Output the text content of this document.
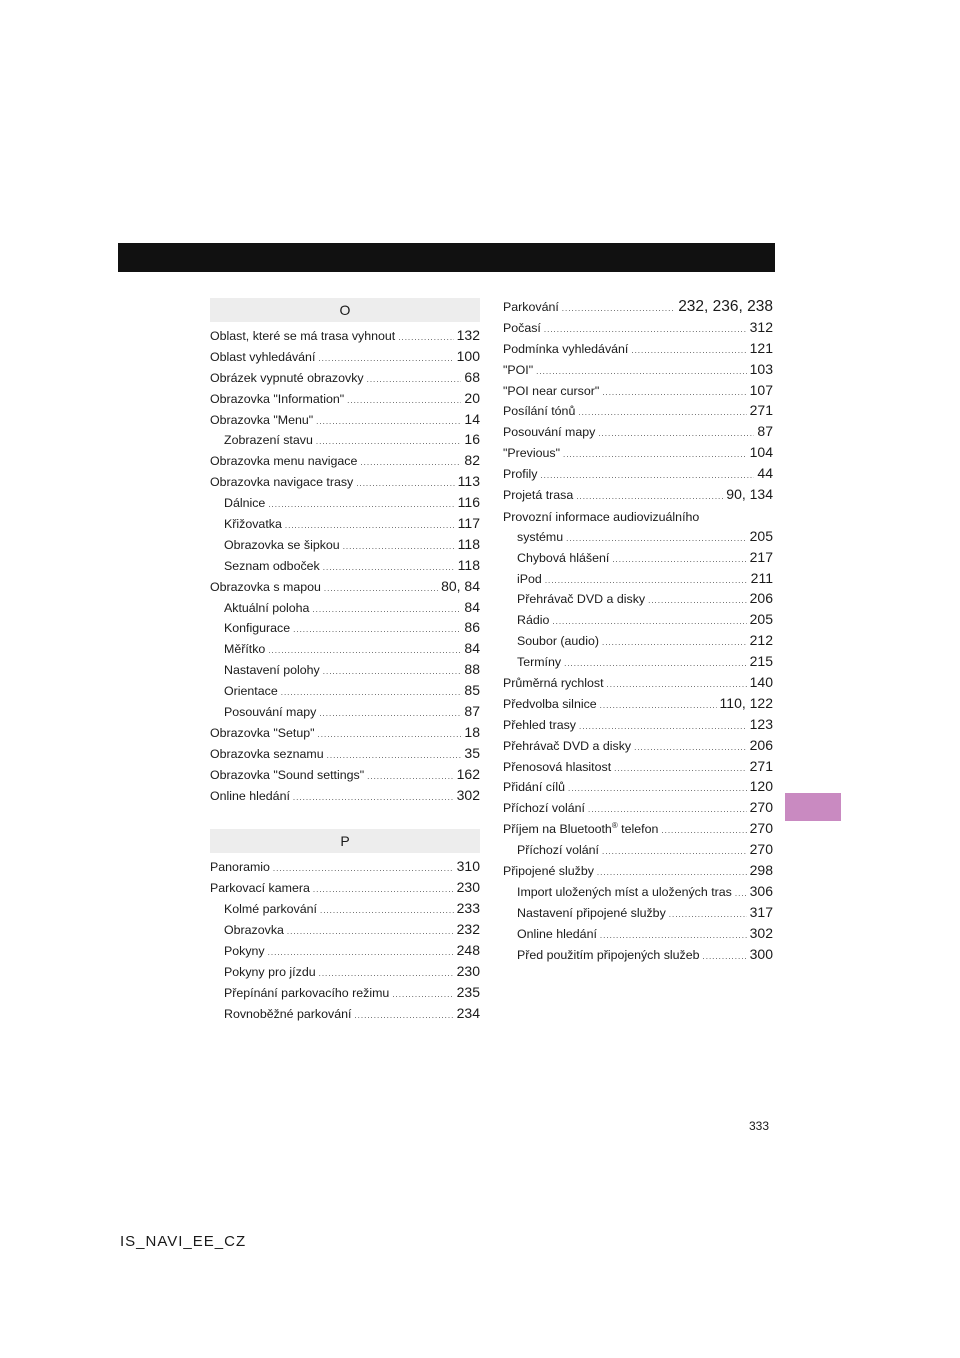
O
Oblast, které se má trasa vyhnout .....	132
Oblast vyhledávání .....	100
Obrázek vypnuté obrazovky .....	68
Obrazovka "Information" .....	20
Obrazovka "Menu" .....	14
Zobrazení stavu .....	16
Obrazovka menu navigace .....	82
Obrazovka navigace trasy .....	113
Dálnice .....	116
Křižovatka .....	117
Obrazovka se šipkou .....	118
Seznam odboček .....	118
Obrazovka s mapou .....	80, 84
Aktuální poloha .....	84
Konfigurace .....	86
Měřítko .....	84
Nastavení polohy .....	88
Orientace .....	85
Posouvání mapy .....	87
Obrazovka "Setup" .....	18
Obrazovka seznamu .....	35
Obrazovka "Sound settings" .....	162
Online hledání .....	302
P
Panoramio .....	310
Parkovací kamera .....	230
Kolmé parkování .....	233
Obrazovka .....	232
Pokyny .....	248
Pokyny pro jízdu .....	230
Přepínání parkovacího režimu .....	235
Rovnoběžné parkování .....	234
Parkování .....	232, 236, 238
Počasí .....	312
Podmínka vyhledávání .....	121
"POI" .....	103
"POI near cursor" .....	107
Posílání tónů .....	271
Posouvání mapy .....	87
"Previous" .....	104
Profily .....	44
Projetá trasa .....	90, 134
Provozní informace audiovizuálního
systému .....	205
Chybová hlášení .....	217
iPod .....	211
Přehrávač DVD a disky .....	206
Rádio .....	205
Soubor (audio) .....	212
Termíny .....	215
Průměrná rychlost .....	140
Předvolba silnice .....	110, 122
Přehled trasy .....	123
Přehrávač DVD a disky .....	206
Přenosová hlasitost .....	271
Přidání cílů .....	120
Příchozí volání .....	270
Příjem na Bluetooth® telefon .....	270
Příchozí volání .....	270
Připojené služby .....	298
Import uložených míst a uložených tras ..... 306
Nastavení připojené služby .....	317
Online hledání .....	302
Před použitím připojených služeb .....	300
333
IS_NAVI_EE_CZ
